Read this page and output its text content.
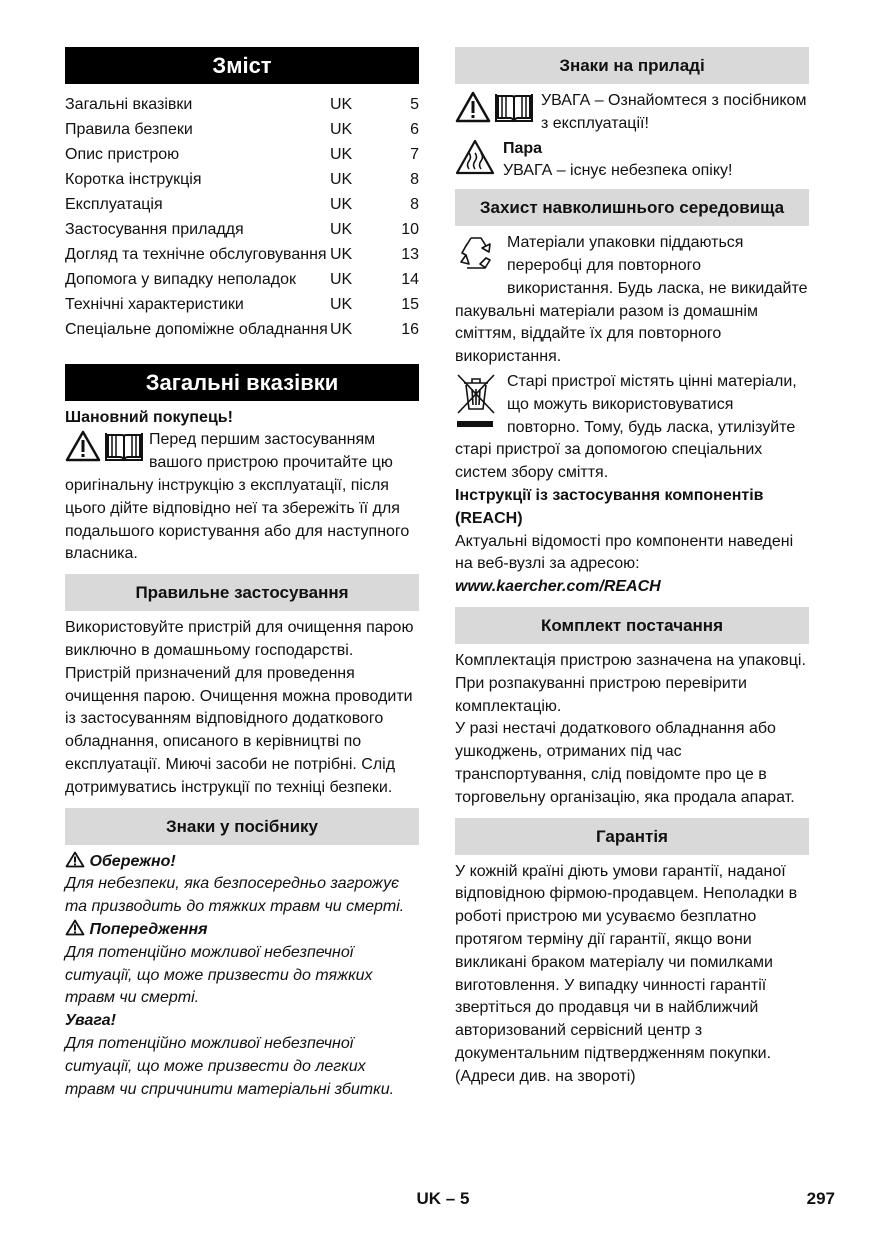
Зміст
Загальні вказівки	UK	5
Правила безпеки	UK	6
Опис пристрою	UK	7
Коротка інструкція	UK	8
Експлуатація	UK	8
Застосування приладдя	UK	10
Догляд та технічне обслуговування UK	13
Допомога у випадку неполадок	UK	14
Технічні характеристики	UK	15
Спеціальне допоміжне обладнання UK	16
Загальні вказівки

Шановний покупець!

Перед першим застосуванням вашого пристрою прочитайте цю оригінальну інструкцію з експлуатації, після цього дійте відповідно неї та збережіть її для подальшого користування або для наступного власника.
Правильне застосування

Використовуйте пристрій для очищення парою виключно в домашньому господарстві. Пристрій призначений для проведення очищення парою. Очищення можна проводити із застосуванням відповідного додаткового обладнання, описаного в керівництві по експлуатації. Миючі засоби не потрібні. Слід дотримуватись інструкції по техніці безпеки.

Знаки у посібнику

Обережно!

Для небезпеки, яка безпосередньо загрожує та призводить до тяжких травм чи смерті.

Попередження

Для потенційно можливої небезпечної ситуації, що може призвести до тяжких травм чи смерті.

Увага!

Для потенційно можливої небезпечної ситуації, що може призвести до легких травм чи спричинити матеріальні збитки.

Знаки на приладі
УВАГА – Ознайомтеся з посібником з експлуатації!
Пара
УВАГА – існує небезпека опіку!
Захист навколишнього середовища
Матеріали упаковки піддаються переробці для повторного використання. Будь ласка, не викидайте пакувальні матеріали разом із домашнім сміттям, віддайте їх для повторного використання.
Старі пристрої містять цінні матеріали, що можуть використовуватися повторно. Тому, будь ласка, утилізуйте старі пристрої за допомогою спеціальних систем збору сміття.

Інструкції із застосування компонентів (REACH)

Актуальні відомості про компоненти наведені на веб-вузлі за адресою:

www.kaercher.com/REACH

Комплект постачання

Комплектація пристрою зазначена на упаковці. При розпакуванні пристрою перевірити комплектацію.

У разі нестачі додаткового обладнання або ушкоджень, отриманих під час транспортування, слід повідомте про це в торговельну організацію, яка продала апарат.

Гарантія

У кожній країні діють умови гарантії, наданої відповідною фірмою-продавцем. Неполадки в роботі пристрою ми усуваємо безплатно протягом терміну дії гарантії, якщо вони викликані браком матеріалу чи помилками виготовлення. У випадку чинності гарантії звертіться до продавця чи в найближчий авторизований сервісний центр з документальним підтвердженням покупки. (Адреси див. на звороті)

UK – 5	297
